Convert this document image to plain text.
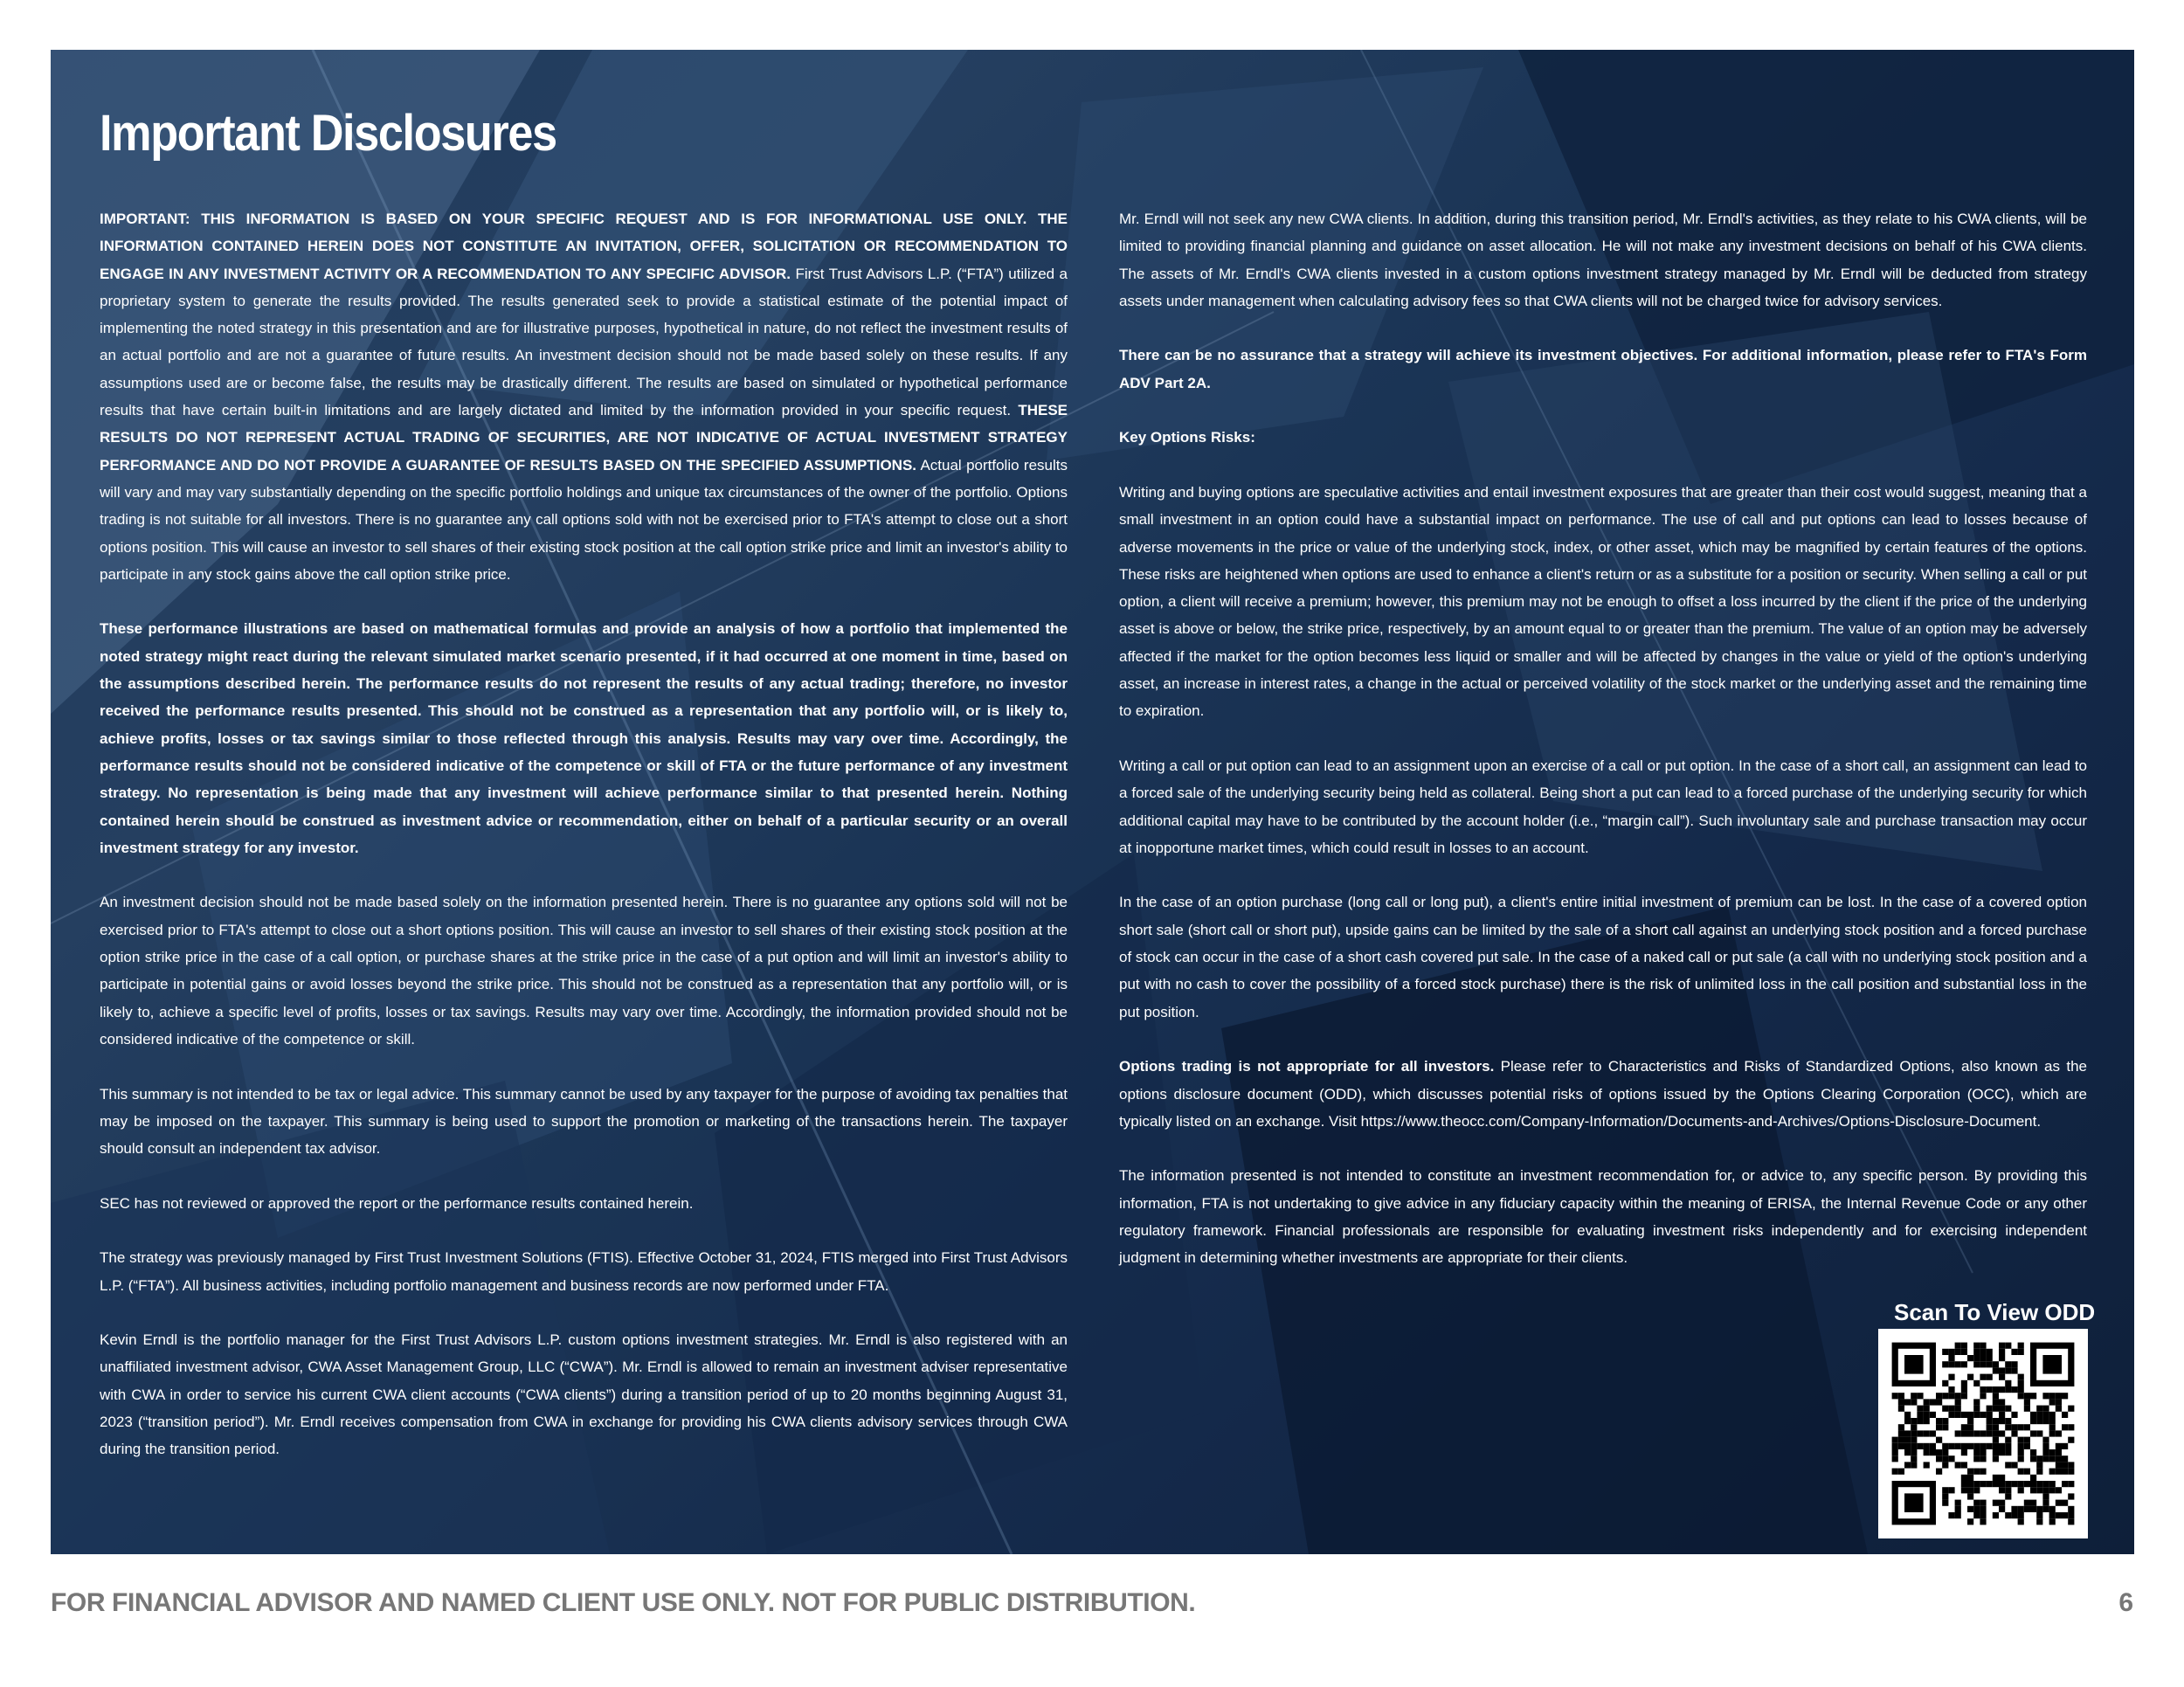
Important Disclosures

IMPORTANT: THIS INFORMATION IS BASED ON YOUR SPECIFIC REQUEST AND IS FOR INFORMATIONAL USE ONLY. THE INFORMATION CONTAINED HEREIN DOES NOT CONSTITUTE AN INVITATION, OFFER, SOLICITATION OR RECOMMENDATION TO ENGAGE IN ANY INVESTMENT ACTIVITY OR A RECOMMENDATION TO ANY SPECIFIC ADVISOR. First Trust Advisors L.P. (“FTA”) utilized a proprietary system to generate the results provided. The results generated seek to provide a statistical estimate of the potential impact of implementing the noted strategy in this presentation and are for illustrative purposes, hypothetical in nature, do not reflect the investment results of an actual portfolio and are not a guarantee of future results. An investment decision should not be made based solely on these results. If any assumptions used are or become false, the results may be drastically different. The results are based on simulated or hypothetical performance results that have certain built-in limitations and are largely dictated and limited by the information provided in your specific request. THESE RESULTS DO NOT REPRESENT ACTUAL TRADING OF SECURITIES, ARE NOT INDICATIVE OF ACTUAL INVESTMENT STRATEGY PERFORMANCE AND DO NOT PROVIDE A GUARANTEE OF RESULTS BASED ON THE SPECIFIED ASSUMPTIONS. Actual portfolio results will vary and may vary substantially depending on the specific portfolio holdings and unique tax circumstances of the owner of the portfolio. Options trading is not suitable for all investors. There is no guarantee any call options sold with not be exercised prior to FTA's attempt to close out a short options position. This will cause an investor to sell shares of their existing stock position at the call option strike price and limit an investor's ability to participate in any stock gains above the call option strike price.

These performance illustrations are based on mathematical formulas and provide an analysis of how a portfolio that implemented the noted strategy might react during the relevant simulated market scenario presented, if it had occurred at one moment in time, based on the assumptions described herein. The performance results do not represent the results of any actual trading; therefore, no investor received the performance results presented. This should not be construed as a representation that any portfolio will, or is likely to, achieve profits, losses or tax savings similar to those reflected through this analysis. Results may vary over time. Accordingly, the performance results should not be considered indicative of the competence or skill of FTA or the future performance of any investment strategy. No representation is being made that any investment will achieve performance similar to that presented herein. Nothing contained herein should be construed as investment advice or recommendation, either on behalf of a particular security or an overall investment strategy for any investor.

An investment decision should not be made based solely on the information presented herein. There is no guarantee any options sold will not be exercised prior to FTA's attempt to close out a short options position. This will cause an investor to sell shares of their existing stock position at the option strike price in the case of a call option, or purchase shares at the strike price in the case of a put option and will limit an investor's ability to participate in potential gains or avoid losses beyond the strike price. This should not be construed as a representation that any portfolio will, or is likely to, achieve a specific level of profits, losses or tax savings. Results may vary over time. Accordingly, the information provided should not be considered indicative of the competence or skill.

This summary is not intended to be tax or legal advice. This summary cannot be used by any taxpayer for the purpose of avoiding tax penalties that may be imposed on the taxpayer. This summary is being used to support the promotion or marketing of the transactions herein. The taxpayer should consult an independent tax advisor.

SEC has not reviewed or approved the report or the performance results contained herein.

The strategy was previously managed by First Trust Investment Solutions (FTIS). Effective October 31, 2024, FTIS merged into First Trust Advisors L.P. (“FTA”). All business activities, including portfolio management and business records are now performed under FTA.

Kevin Erndl is the portfolio manager for the First Trust Advisors L.P. custom options investment strategies. Mr. Erndl is also registered with an unaffiliated investment advisor, CWA Asset Management Group, LLC (“CWA”). Mr. Erndl is allowed to remain an investment adviser representative with CWA in order to service his current CWA client accounts (“CWA clients”) during a transition period of up to 20 months beginning August 31, 2023 (“transition period”). Mr. Erndl receives compensation from CWA in exchange for providing his CWA clients advisory services through CWA during the transition period.

Mr. Erndl will not seek any new CWA clients. In addition, during this transition period, Mr. Erndl's activities, as they relate to his CWA clients, will be limited to providing financial planning and guidance on asset allocation. He will not make any investment decisions on behalf of his CWA clients. The assets of Mr. Erndl's CWA clients invested in a custom options investment strategy managed by Mr. Erndl will be deducted from strategy assets under management when calculating advisory fees so that CWA clients will not be charged twice for advisory services.

There can be no assurance that a strategy will achieve its investment objectives. For additional information, please refer to FTA's Form ADV Part 2A.

Key Options Risks:

Writing and buying options are speculative activities and entail investment exposures that are greater than their cost would suggest, meaning that a small investment in an option could have a substantial impact on performance. The use of call and put options can lead to losses because of adverse movements in the price or value of the underlying stock, index, or other asset, which may be magnified by certain features of the options. These risks are heightened when options are used to enhance a client's return or as a substitute for a position or security. When selling a call or put option, a client will receive a premium; however, this premium may not be enough to offset a loss incurred by the client if the price of the underlying asset is above or below, the strike price, respectively, by an amount equal to or greater than the premium. The value of an option may be adversely affected if the market for the option becomes less liquid or smaller and will be affected by changes in the value or yield of the option's underlying asset, an increase in interest rates, a change in the actual or perceived volatility of the stock market or the underlying asset and the remaining time to expiration.

Writing a call or put option can lead to an assignment upon an exercise of a call or put option. In the case of a short call, an assignment can lead to a forced sale of the underlying security being held as collateral. Being short a put can lead to a forced purchase of the underlying security for which additional capital may have to be contributed by the account holder (i.e., “margin call”). Such involuntary sale and purchase transaction may occur at inopportune market times, which could result in losses to an account.

In the case of an option purchase (long call or long put), a client's entire initial investment of premium can be lost. In the case of a covered option short sale (short call or short put), upside gains can be limited by the sale of a short call against an underlying stock position and a forced purchase of stock can occur in the case of a short cash covered put sale. In the case of a naked call or put sale (a call with no underlying stock position and a put with no cash to cover the possibility of a forced stock purchase) there is the risk of unlimited loss in the call position and substantial loss in the put position.

Options trading is not appropriate for all investors. Please refer to Characteristics and Risks of Standardized Options, also known as the options disclosure document (ODD), which discusses potential risks of options issued by the Options Clearing Corporation (OCC), which are typically listed on an exchange. Visit https://www.theocc.com/Company-Information/Documents-and-Archives/Options-Disclosure-Document.

The information presented is not intended to constitute an investment recommendation for, or advice to, any specific person. By providing this information, FTA is not undertaking to give advice in any fiduciary capacity within the meaning of ERISA, the Internal Revenue Code or any other regulatory framework. Financial professionals are responsible for evaluating investment risks independently and for exercising independent judgment in determining whether investments are appropriate for their clients.

Scan To View ODD

FOR FINANCIAL ADVISOR AND NAMED CLIENT USE ONLY. NOT FOR PUBLIC DISTRIBUTION.	6
